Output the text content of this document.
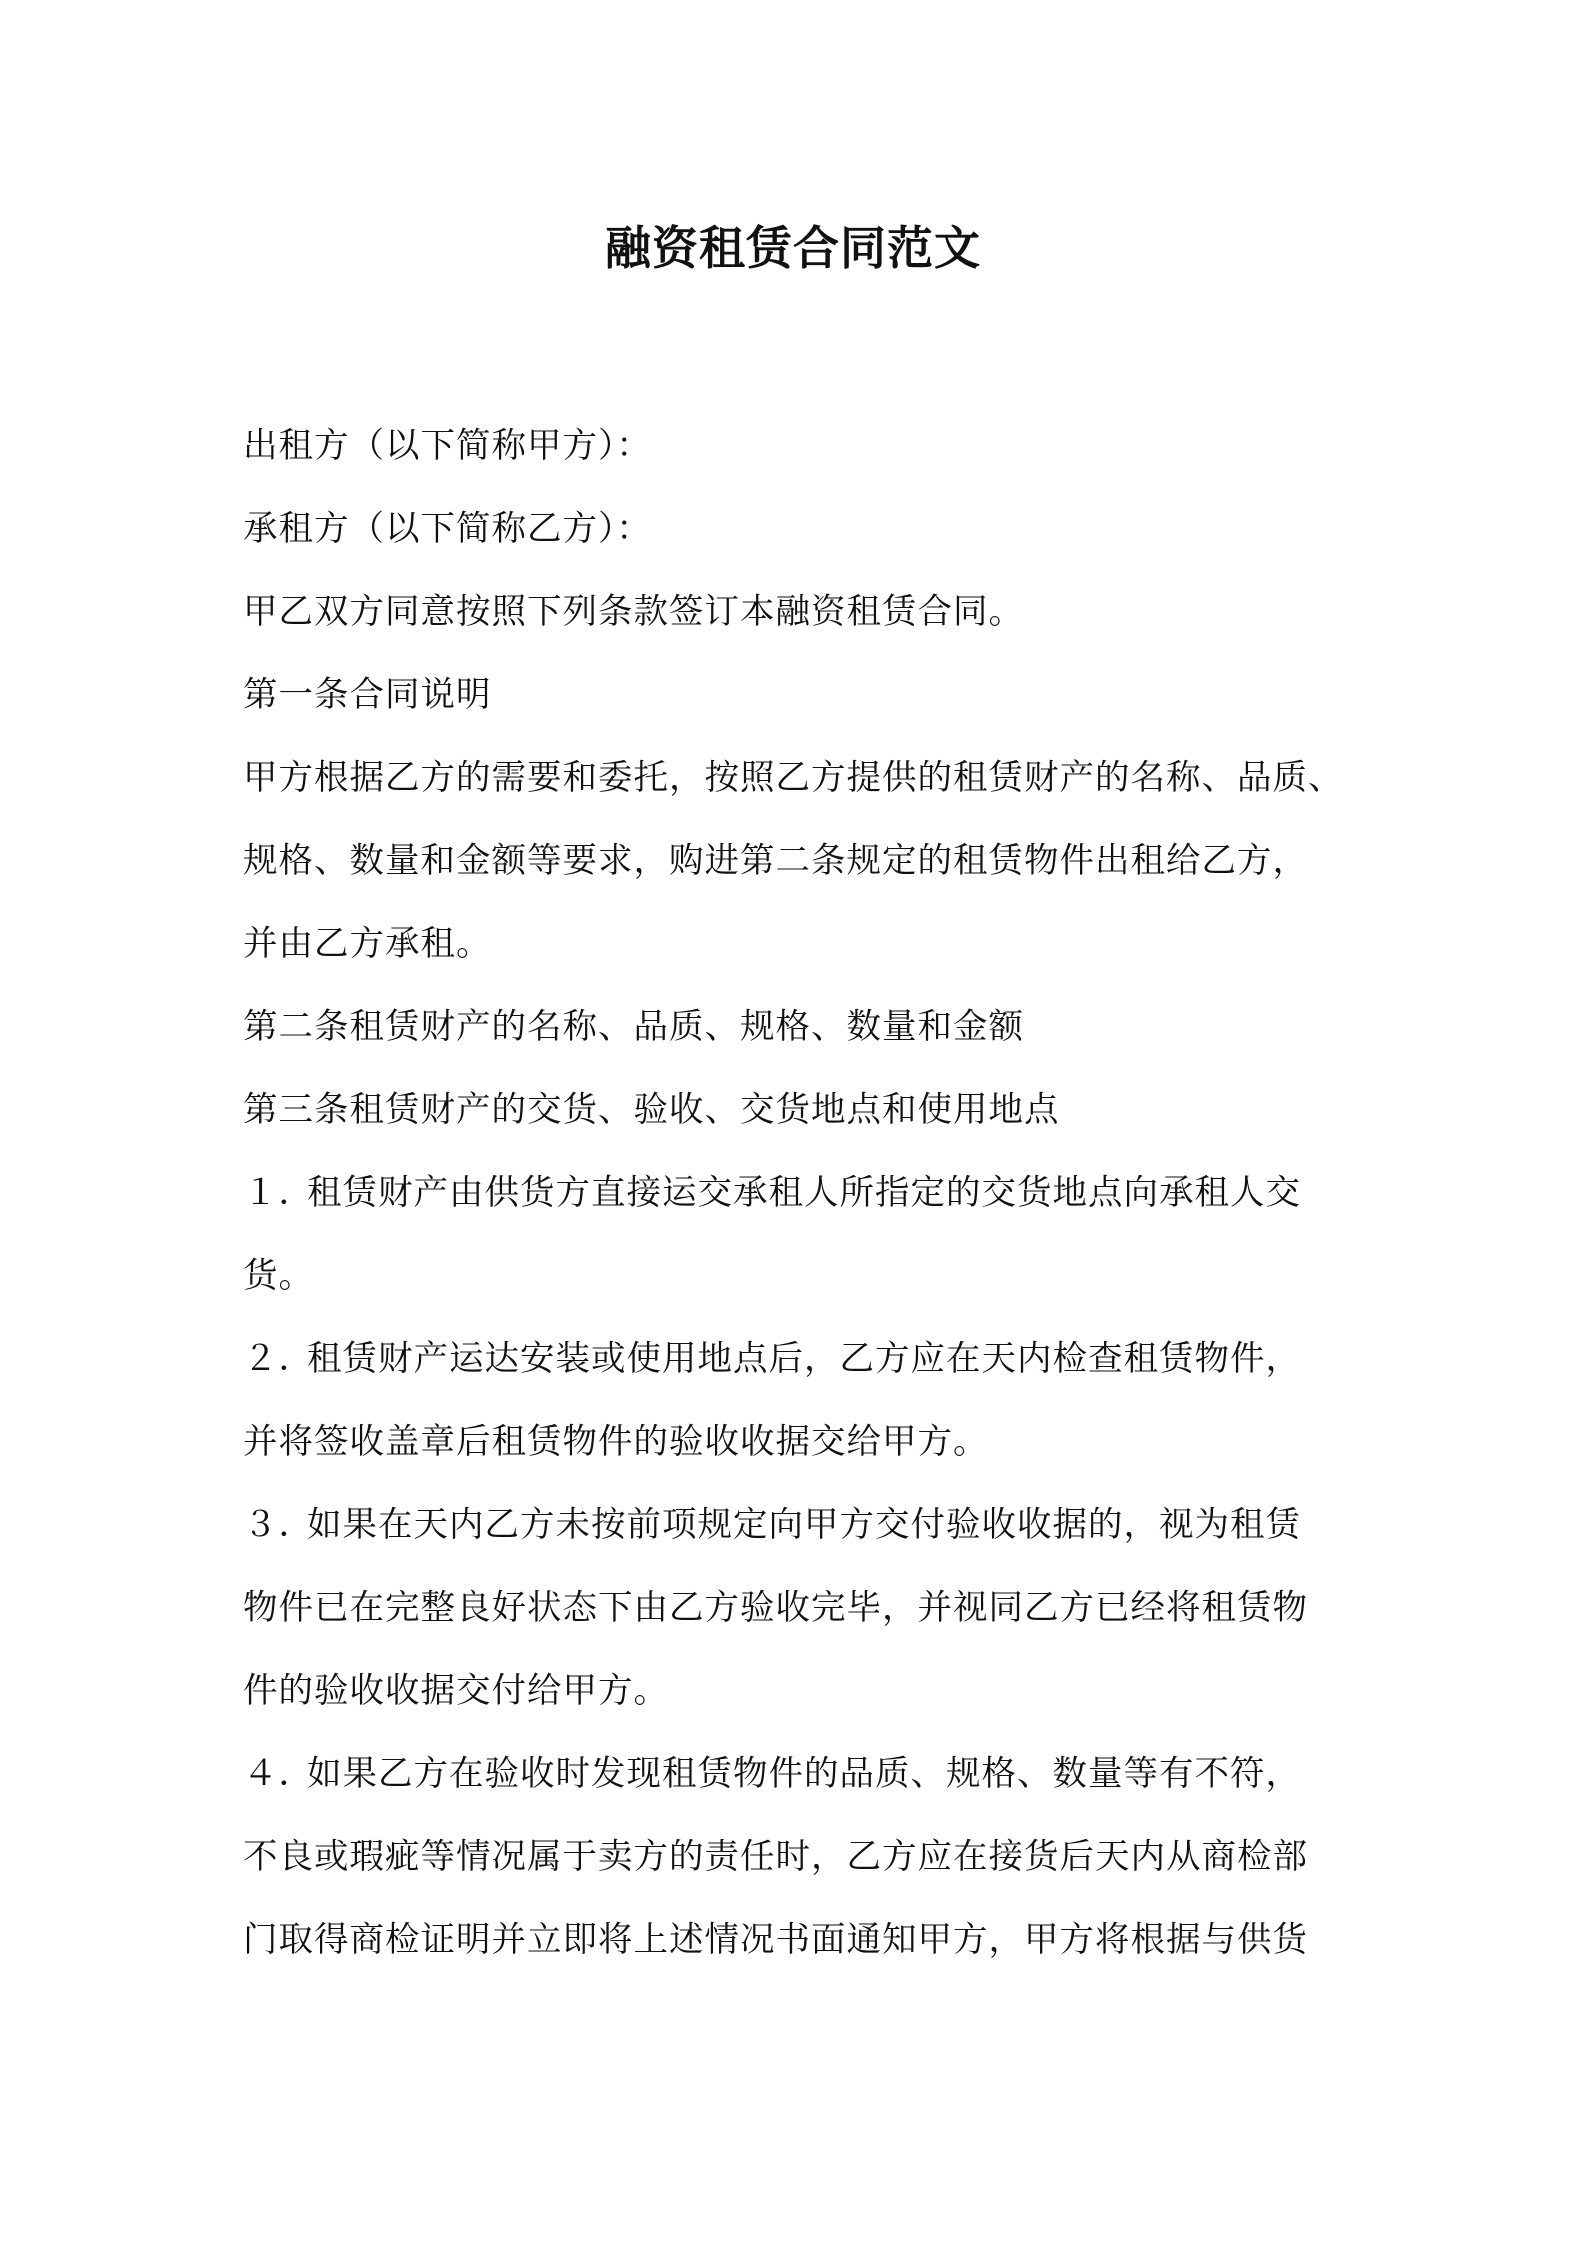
融资租赁合同范文
出租方（以下简称甲方）：
承租方（以下简称乙方）：
甲乙双方同意按照下列条款签订本融资租赁合同。
第一条合同说明
甲方根据乙方的需要和委托，按照乙方提供的租赁财产的名称、品质、
规格、数量和金额等要求，购进第二条规定的租赁物件出租给乙方，
并由乙方承租。
第二条租赁财产的名称、品质、规格、数量和金额
第三条租赁财产的交货、验收、交货地点和使用地点
１．租赁财产由供货方直接运交承租人所指定的交货地点向承租人交
货。
２．租赁财产运达安装或使用地点后，乙方应在天内检查租赁物件，
并将签收盖章后租赁物件的验收收据交给甲方。
３．如果在天内乙方未按前项规定向甲方交付验收收据的，视为租赁
物件已在完整良好状态下由乙方验收完毕，并视同乙方已经将租赁物
件的验收收据交付给甲方。
４．如果乙方在验收时发现租赁物件的品质、规格、数量等有不符，
不良或瑕疵等情况属于卖方的责任时，乙方应在接货后天内从商检部
门取得商检证明并立即将上述情况书面通知甲方，甲方将根据与供货
